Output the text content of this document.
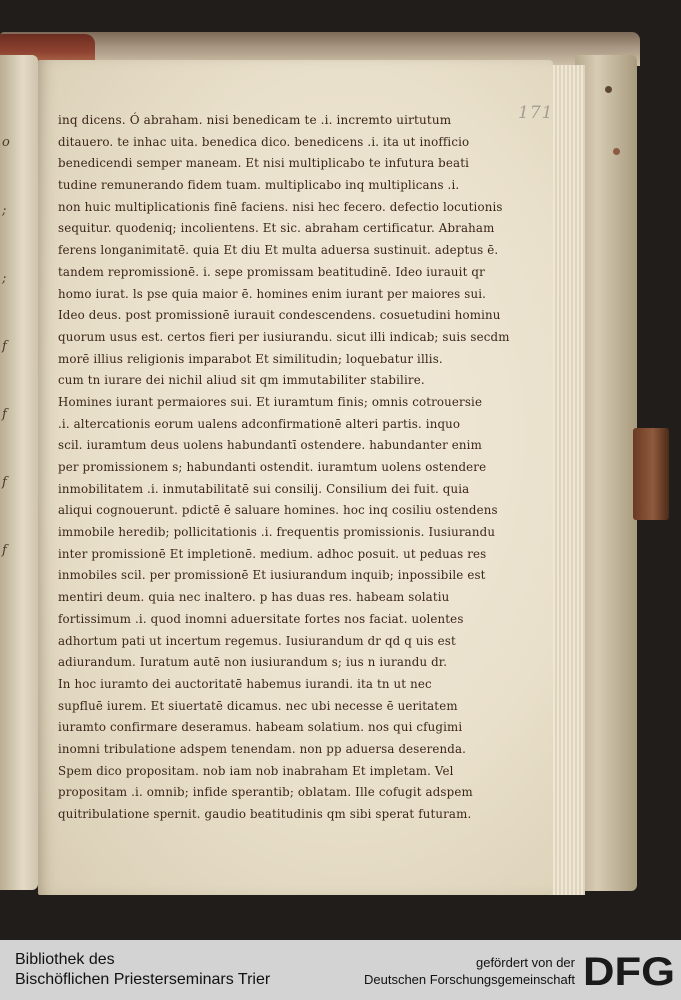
o
;
;
f
f
f
f
171
inq dicens. Ó abraham. nisi benedicam te .i. incremto uirtutum
ditauero. te inhac uita. benedica dico. benedicens .i. ita ut inofficio
benedicendi semper maneam. Et nisi multiplicabo te infutura beati
tudine remunerando fidem tuam. multiplicabo inq multiplicans .i.
non huic multiplicationis finē faciens. nisi hec fecero. defectio locutionis
sequitur. quodeniq; incolientens. Et sic. abraham certificatur. Abraham
ferens longanimitatē. quia Et diu Et multa aduersa sustinuit. adeptus ē.
tandem repromissionē. i. sepe promissam beatitudinē. Ideo iurauit qr
homo iurat. ls pse quia maior ē. homines enim iurant per maiores sui.
Ideo deus. post promissionē iurauit condescendens. cosuetudini hominu
quorum usus est. certos fieri per iusiurandu. sicut illi indicab; suis secdm
morē illius religionis imparabot Et similitudin; loquebatur illis.
cum tn iurare dei nichil aliud sit qm immutabiliter stabilire.
Homines iurant permaiores sui. Et iuramtum finis; omnis cotrouersie
.i. altercationis eorum ualens adconfirmationē alteri partis. inquo
scil. iuramtum deus uolens habundantī ostendere. habundanter enim
per promissionem s; habundanti ostendit. iuramtum uolens ostendere
inmobilitatem .i. inmutabilitatē sui consilij. Consilium dei fuit. quia
aliqui cognouerunt. pdictē ē saluare homines. hoc inq cosiliu ostendens
immobile heredib; pollicitationis .i. frequentis promissionis. Iusiurandu
inter promissionē Et impletionē. medium. adhoc posuit. ut peduas res
inmobiles scil. per promissionē Et iusiurandum inquib; inpossibile est
mentiri deum. quia nec inaltero. p has duas res. habeam solatiu
fortissimum .i. quod inomni aduersitate fortes nos faciat. uolentes
adhortum pati ut incertum regemus. Iusiurandum dr qd q uis est
adiurandum. Iuratum autē non iusiurandum s; ius n iurandu dr.
In hoc iuramto dei auctoritatē habemus iurandi. ita tn ut nec
supfluē iurem. Et siuertatē dicamus. nec ubi necesse ē ueritatem
iuramto confirmare deseramus. habeam solatium. nos qui cfugimi
inomni tribulatione adspem tenendam. non pp aduersa deserenda.
Spem dico propositam. nob iam nob inabraham Et impletam. Vel
propositam .i. omnib; infide sperantib; oblatam. Ille cofugit adspem
quitribulatione spernit. gaudio beatitudinis qm sibi sperat futuram.
Bibliothek des
Bischöflichen Priesterseminars Trier
gefördert von der
Deutschen Forschungsgemeinschaft DFG
